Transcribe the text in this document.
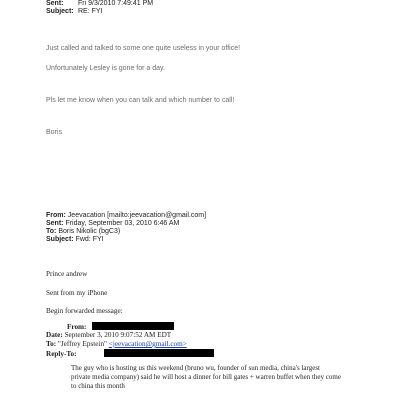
Sent: Fri 9/3/2010 7:49:41 PM
Subject: RE: FYI
Just called and talked to some one quite useless in your office!
Unfortunately Lesley is gone for a day.
Pls let me know when you can talk and which number to call!
Boris
From: Jeevacation [mailto:jeevacation@gmail.com]
Sent: Friday, September 03, 2010 6:46 AM
To: Boris Nikolic (bgC3)
Subject: Fwd: FYI
Prince andrew
Sent from my iPhone
Begin forwarded message:
From:
Date: September 3, 2010 9:07:52 AM EDT
To: "Jeffrey Epstein" <jeevacation@gmail.com>
Reply-To:
The guy who is hosting us this weekend (bruno wu, founder of sun media, china's largest private media company) said he will host a dinner for bill gates + warren buffet when they come to china this month
